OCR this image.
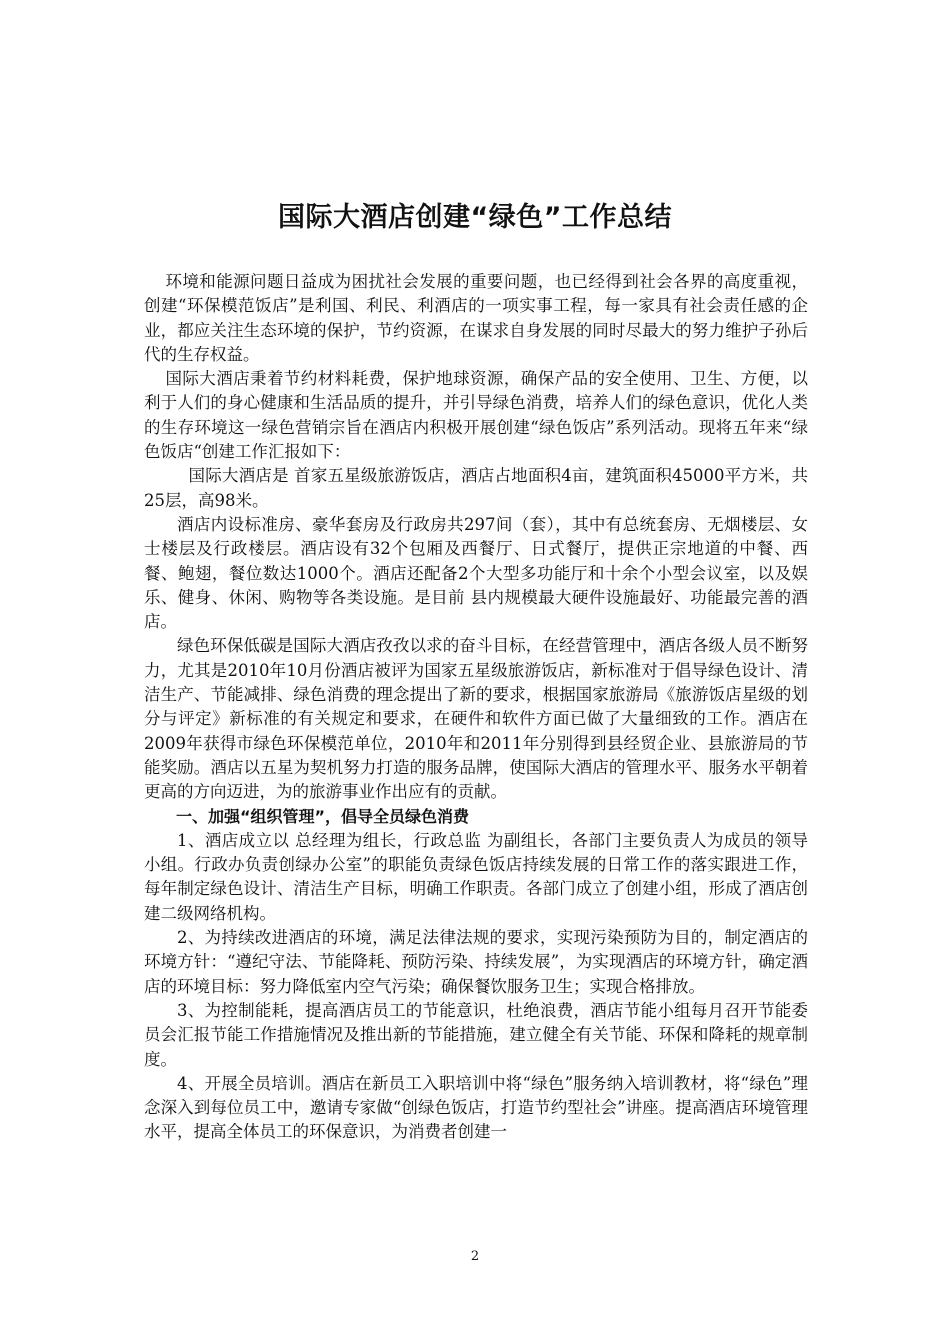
国际大酒店创建“绿色”工作总结

环境和能源问题日益成为困扰社会发展的重要问题，也已经得到社会各界的高度重视，创建“环保模范饭店”是利国、利民、利酒店的一项实事工程，每一家具有社会责任感的企业，都应关注生态环境的保护，节约资源，在谋求自身发展的同时尽最大的努力维护子孙后代的生存权益。

国际大酒店秉着节约材料耗费，保护地球资源，确保产品的安全使用、卫生、方便，以利于人们的身心健康和生活品质的提升，并引导绿色消费，培养人们的绿色意识，优化人类的生存环境这一绿色营销宗旨在酒店内积极开展创建“绿色饭店”系列活动。现将五年来“绿色饭店“创建工作汇报如下：

国际大酒店是 首家五星级旅游饭店，酒店占地面积4亩，建筑面积45000平方米，共25层，高98米。

酒店内设标准房、豪华套房及行政房共297间（套），其中有总统套房、无烟楼层、女士楼层及行政楼层。酒店设有32个包厢及西餐厅、日式餐厅，提供正宗地道的中餐、西餐、鲍翅，餐位数达1000个。酒店还配备2个大型多功能厅和十余个小型会议室，以及娱乐、健身、休闲、购物等各类设施。是目前 县内规模最大硬件设施最好、功能最完善的酒店。

绿色环保低碳是国际大酒店孜孜以求的奋斗目标，在经营管理中，酒店各级人员不断努力，尤其是2010年10月份酒店被评为国家五星级旅游饭店，新标准对于倡导绿色设计、清洁生产、节能减排、绿色消费的理念提出了新的要求，根据国家旅游局《旅游饭店星级的划分与评定》新标准的有关规定和要求，在硬件和软件方面已做了大量细致的工作。酒店在2009年获得市绿色环保模范单位，2010年和2011年分别得到县经贸企业、县旅游局的节能奖励。酒店以五星为契机努力打造的服务品牌，使国际大酒店的管理水平、服务水平朝着更高的方向迈进，为的旅游事业作出应有的贡献。

一、加强“组织管理”，倡导全员绿色消费

1、酒店成立以 总经理为组长，行政总监 为副组长，各部门主要负责人为成员的领导小组。行政办负责创绿办公室”的职能负责绿色饭店持续发展的日常工作的落实跟进工作，每年制定绿色设计、清洁生产目标，明确工作职责。各部门成立了创建小组，形成了酒店创建二级网络机构。

2、为持续改进酒店的环境，满足法律法规的要求，实现污染预防为目的，制定酒店的环境方针：“遵纪守法、节能降耗、预防污染、持续发展”，为实现酒店的环境方针，确定酒店的环境目标：努力降低室内空气污染；确保餐饮服务卫生；实现合格排放。

3、为控制能耗，提高酒店员工的节能意识，杜绝浪费，酒店节能小组每月召开节能委员会汇报节能工作措施情况及推出新的节能措施，建立健全有关节能、环保和降耗的规章制度。

4、开展全员培训。酒店在新员工入职培训中将“绿色”服务纳入培训教材，将“绿色”理念深入到每位员工中，邀请专家做“创绿色饭店，打造节约型社会”讲座。提高酒店环境管理水平，提高全体员工的环保意识，为消费者创建一

2
